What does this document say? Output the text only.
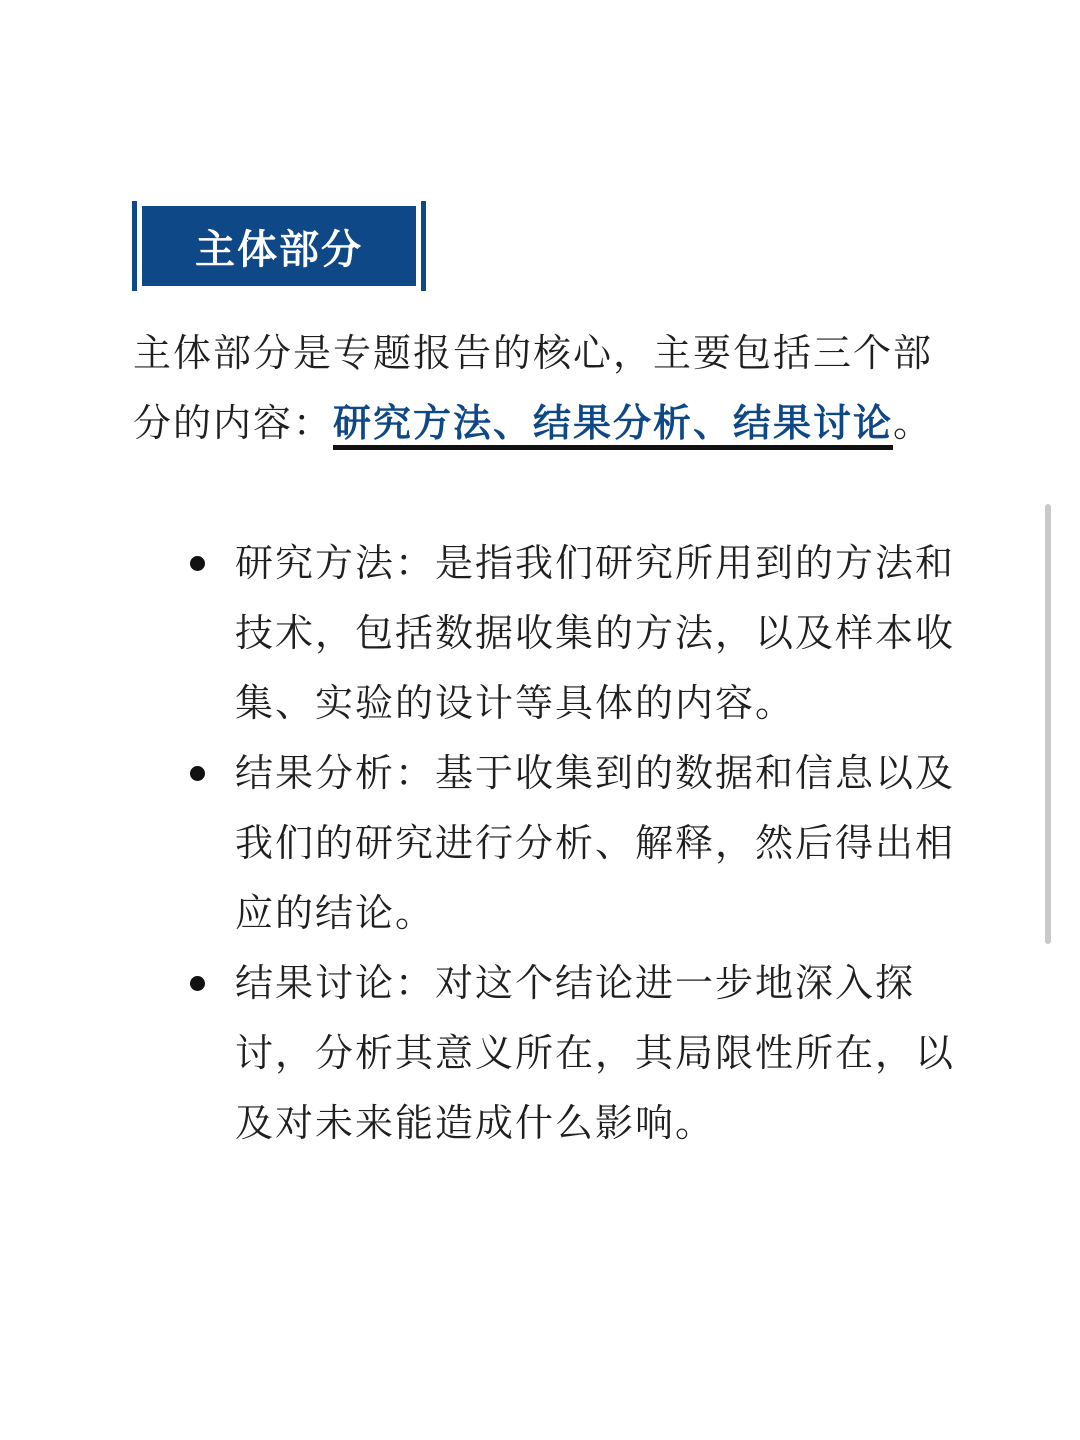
主体部分

主体部分是专题报告的核心，主要包括三个部分的内容：研究方法、结果分析、结果讨论。

研究方法：是指我们研究所用到的方法和技术，包括数据收集的方法，以及样本收集、实验的设计等具体的内容。
结果分析：基于收集到的数据和信息以及我们的研究进行分析、解释，然后得出相应的结论。
结果讨论：对这个结论进一步地深入探讨，分析其意义所在，其局限性所在，以及对未来能造成什么影响。
